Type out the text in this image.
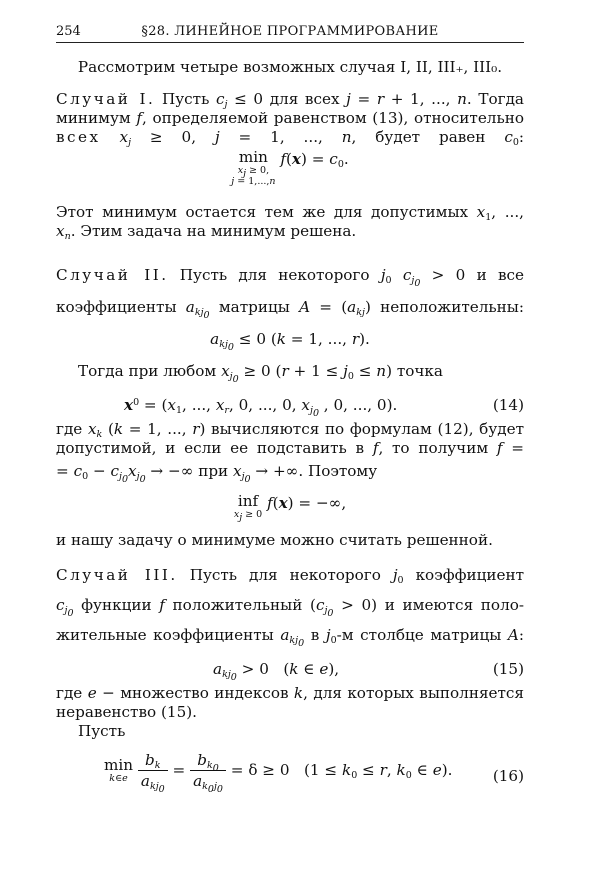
254	§28. ЛИНЕЙНОЕ ПРОГРАММИРОВАНИЕ
Рассмотрим четыре возможных случая I, II, III₊, III₀.
Случай I. Пусть $c_j \le 0$ для всех j = r + 1, ..., n. Тогда
минимум f, определяемой равенством (13), относительно
всех $x_j \ge 0$, j = 1, ..., n, будет равен $c_0$:
min
$x_j \ge 0$,
j = 1,...,n
$f(x) = c_0$.
Этот минимум остается тем же для допустимых $x_1$, ...,
$x_n$. Этим задача на минимум решена.
Случай II. Пусть для некоторого $j_0$ $c_{j_0} > 0$ и все
коэффициенты $a_{kj_0}$ матрицы $A = (a_{kj})$ неположительны:
$a_{kj_0} \le 0$ (k = 1, ..., r).
Тогда при любом $x_{j_0} \ge 0$ $(r + 1 \le j_0 \le n)$ точка
$x^0 = (x_1$, ..., $x_r$, 0, ..., 0, $x_{j_0}$ , 0, ..., 0).	(14)
где $x_k$ (k = 1, ..., r) вычисляются по формулам (12), будет
допустимой, и если ее подставить в f, то получим f =
= $c_0 - c_{j_0}x_{j_0}$ → −∞ при $x_{j_0}$ → +∞. Поэтому
inf
$x_j \ge 0$
f(x) = −∞,
и нашу задачу о минимуме можно считать решенной.
Случай III. Пусть для некоторого $j_0$ коэффициент
$c_{j_0}$ функции f положительный $(c_{j_0} > 0)$ и имеются поло-
жительные коэффициенты $a_{kj_0}$ в $j_0-м$ столбце матрицы A:
$a_{kj_0} > 0$   (k ∈ e),	(15)
где e − множество индексов k, для которых выполняется
неравенство (15).
Пусть
min
k∈e
$\frac{b_k}{a_{kj_0}} = \frac{b_{k_0}}{a_{k_0j_0}} = \delta \ge 0$   ($1 \le k_0 \le r$, $k_0$ ∈ e).	(16)
